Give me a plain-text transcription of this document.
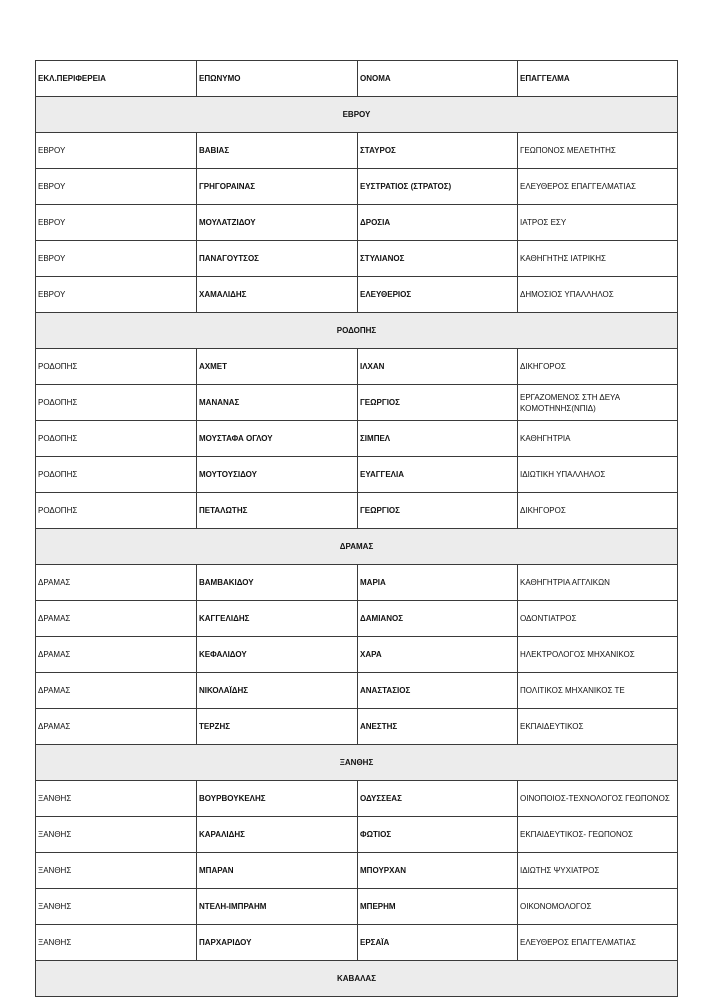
ΕΚΛ.ΠΕΡΙΦΕΡΕΙΑ	ΕΠΩΝΥΜΟ	ΟΝΟΜΑ	ΕΠΑΓΓΕΛΜΑ
ΕΒΡΟΥ			
ΕΒΡΟΥ	ΒΑΒΙΑΣ	ΣΤΑΥΡΟΣ	ΓΕΩΠΟΝΟΣ ΜΕΛΕΤΗΤΗΣ
ΕΒΡΟΥ	ΓΡΗΓΟΡΑΙΝΑΣ	ΕΥΣΤΡΑΤΙΟΣ (ΣΤΡΑΤΟΣ)	ΕΛΕΥΘΕΡΟΣ ΕΠΑΓΓΕΛΜΑΤΙΑΣ
ΕΒΡΟΥ	ΜΟΥΛΑΤΖΙΔΟΥ	ΔΡΟΣΙΑ	ΙΑΤΡΟΣ ΕΣΥ
ΕΒΡΟΥ	ΠΑΝΑΓΟΥΤΣΟΣ	ΣΤΥΛΙΑΝΟΣ	ΚΑΘΗΓΗΤΗΣ ΙΑΤΡΙΚΗΣ
ΕΒΡΟΥ	ΧΑΜΑΛΙΔΗΣ	ΕΛΕΥΘΕΡΙΟΣ	ΔΗΜΟΣΙΟΣ ΥΠΑΛΛΗΛΟΣ
ΡΟΔΟΠΗΣ			
ΡΟΔΟΠΗΣ	ΑΧΜΕΤ	ΙΛΧΑΝ	ΔΙΚΗΓΟΡΟΣ
ΡΟΔΟΠΗΣ	ΜΑΝΑΝΑΣ	ΓΕΩΡΓΙΟΣ	ΕΡΓΑΖΟΜΕΝΟΣ ΣΤΗ ΔΕΥΑ ΚΟΜΟΤΗΝΗΣ(ΝΠΙΔ)
ΡΟΔΟΠΗΣ	ΜΟΥΣΤΑΦΑ ΟΓΛΟΥ	ΣΙΜΠΕΛ	ΚΑΘΗΓΗΤΡΙΑ
ΡΟΔΟΠΗΣ	ΜΟΥΤΟΥΣΙΔΟΥ	ΕΥΑΓΓΕΛΙΑ	ΙΔΙΩΤΙΚΗ ΥΠΑΛΛΗΛΟΣ
ΡΟΔΟΠΗΣ	ΠΕΤΑΛΩΤΗΣ	ΓΕΩΡΓΙΟΣ	ΔΙΚΗΓΟΡΟΣ
ΔΡΑΜΑΣ			
ΔΡΑΜΑΣ	ΒΑΜΒΑΚΙΔΟΥ	ΜΑΡΙΑ	ΚΑΘΗΓΗΤΡΙΑ ΑΓΓΛΙΚΩΝ
ΔΡΑΜΑΣ	ΚΑΓΓΕΛΙΔΗΣ	ΔΑΜΙΑΝΟΣ	ΟΔΟΝΤΙΑΤΡΟΣ
ΔΡΑΜΑΣ	ΚΕΦΑΛΙΔΟΥ	ΧΑΡΑ	ΗΛΕΚΤΡΟΛΟΓΟΣ ΜΗΧΑΝΙΚΟΣ
ΔΡΑΜΑΣ	ΝΙΚΟΛΑΪΔΗΣ	ΑΝΑΣΤΑΣΙΟΣ	ΠΟΛΙΤΙΚΟΣ ΜΗΧΑΝΙΚΟΣ ΤΕ
ΔΡΑΜΑΣ	ΤΕΡΖΗΣ	ΑΝΕΣΤΗΣ	ΕΚΠΑΙΔΕΥΤΙΚΟΣ
ΞΑΝΘΗΣ			
ΞΑΝΘΗΣ	ΒΟΥΡΒΟΥΚΕΛΗΣ	ΟΔΥΣΣΕΑΣ	ΟΙΝΟΠΟΙΟΣ-ΤΕΧΝΟΛΟΓΟΣ ΓΕΩΠΟΝΟΣ
ΞΑΝΘΗΣ	ΚΑΡΑΛΙΔΗΣ	ΦΩΤΙΟΣ	ΕΚΠΑΙΔΕΥΤΙΚΟΣ- ΓΕΩΠΟΝΟΣ
ΞΑΝΘΗΣ	ΜΠΑΡΑΝ	ΜΠΟΥΡΧΑΝ	ΙΔΙΩΤΗΣ ΨΥΧΙΑΤΡΟΣ
ΞΑΝΘΗΣ	ΝΤΕΛΗ-ΙΜΠΡΑΗΜ	ΜΠΕΡΗΜ	ΟΙΚΟΝΟΜΟΛΟΓΟΣ
ΞΑΝΘΗΣ	ΠΑΡΧΑΡΙΔΟΥ	ΕΡΣΑΪΑ	ΕΛΕΥΘΕΡΟΣ ΕΠΑΓΓΕΛΜΑΤΙΑΣ
ΚΑΒΑΛΑΣ			
